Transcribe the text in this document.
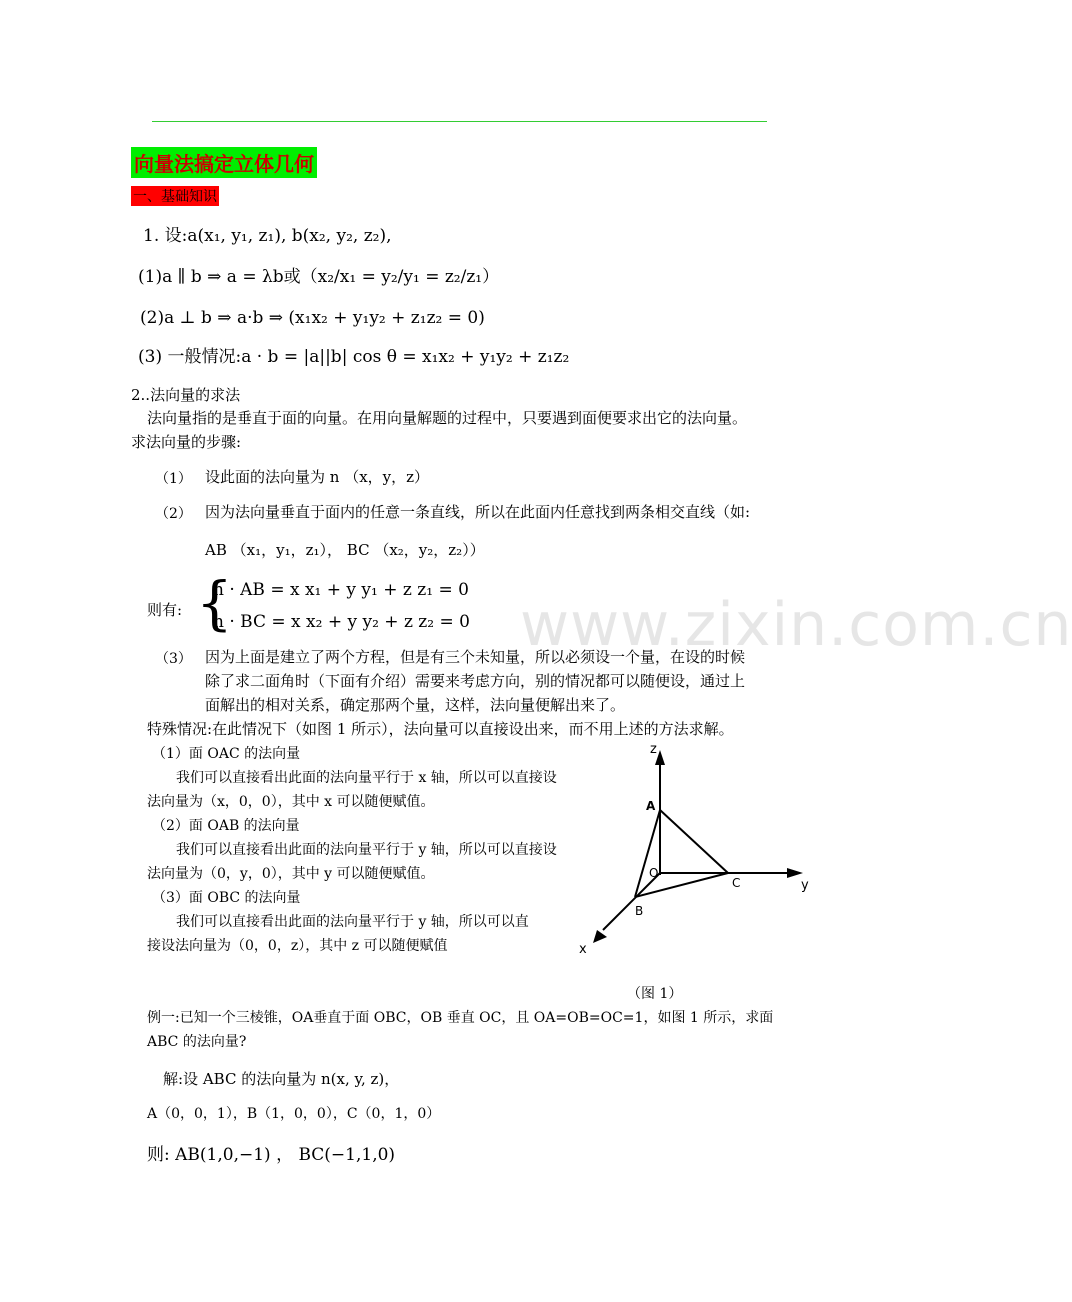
向量法搞定立体几何
一、基础知识
1. 设:a(x₁, y₁, z₁), b(x₂, y₂, z₂),
(1)a ∥ b ⇒ a = λb或（x₂/x₁ = y₂/y₁ = z₂/z₁）
(2)a ⊥ b ⇒ a·b ⇒ (x₁x₂ + y₁y₂ + z₁z₂ = 0)
(3) 一般情况:a · b = |a||b| cos θ = x₁x₂ + y₁y₂ + z₁z₂
2..法向量的求法
法向量指的是垂直于面的向量。在用向量解题的过程中，只要遇到面便要求出它的法向量。
求法向量的步骤:
（1） 设此面的法向量为 n （x，y，z）
（2） 因为法向量垂直于面内的任意一条直线，所以在此面内任意找到两条相交直线（如:
AB （x₁，y₁，z₁）， BC （x₂，y₂，z₂））
则有: {
n · AB = x x₁ + y y₁ + z z₁ = 0
n · BC = x x₂ + y y₂ + z z₂ = 0 www.zixin.com.cn
（3） 因为上面是建立了两个方程，但是有三个未知量，所以必须设一个量，在设的时候
除了求二面角时（下面有介绍）需要来考虑方向，别的情况都可以随便设，通过上
面解出的相对关系，确定那两个量，这样，法向量便解出来了。
特殊情况:在此情况下（如图 1 所示），法向量可以直接设出来，而不用上述的方法求解。
（1）面 OAC 的法向量
我们可以直接看出此面的法向量平行于 x 轴，所以可以直接设
法向量为（x，0，0），其中 x 可以随便赋值。
（2）面 OAB 的法向量
我们可以直接看出此面的法向量平行于 y 轴，所以可以直接设
法向量为（0，y，0），其中 y 可以随便赋值。
（3）面 OBC 的法向量
我们可以直接看出此面的法向量平行于 y 轴，所以可以直
接设法向量为（0，0，z），其中 z 可以随便赋值
z
y
x
A
O
C
B
（图 1）
例一:已知一个三棱锥，OA垂直于面 OBC，OB 垂直 OC，且 OA=OB=OC=1，如图 1 所示，求面
ABC 的法向量?
解:设 ABC 的法向量为 n(x, y, z)，
A（0，0，1），B（1，0，0），C（0，1，0）
则: AB(1,0,−1) ， BC(−1,1,0)
